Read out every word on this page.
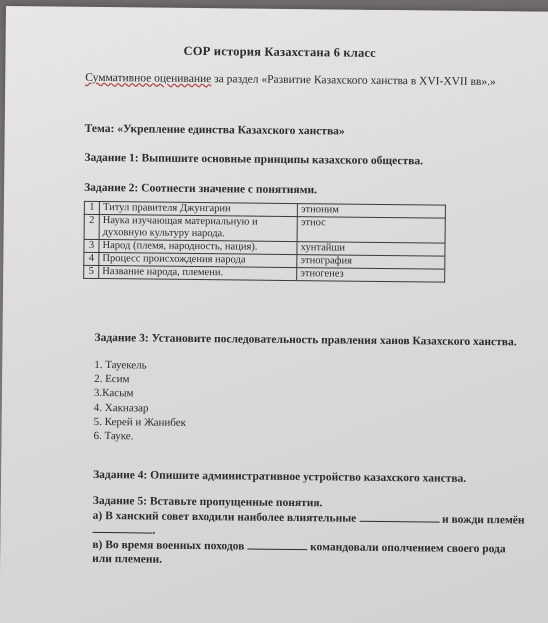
СОР история Казахстана 6 класс
Суммативное оценивание за раздел «Развитие Казахского ханства в XVI-XVII вв».»
Тема: «Укрепление единства Казахского ханства»
Задание 1: Выпишите основные принципы казахского общества.
Задание 2: Соотнести значение с понятиями.
1	Титул правителя Джунгарии	этноним
2	Наука изучающая материальную и духовную культуру народа.	этнос
3	Народ (племя, народность, нация).	хунтайши
4	Процесс происхождения народа	этнография
5	Название народа, племени.	этногенез
Задание 3: Установите последовательность правления ханов Казахского ханства.
1. Тауекель
2. Есим
3.Касым
4. Хакназар
5. Керей и Жанибек
6. Тауке.
Задание 4: Опишите административное устройство казахского ханства.
Задание 5: Вставьте пропущенные понятия.
а) В ханский совет входили наиболее влиятельные	и вожди племён .
в) Во время военных походов	командовали ополчением своего рода или племени.
